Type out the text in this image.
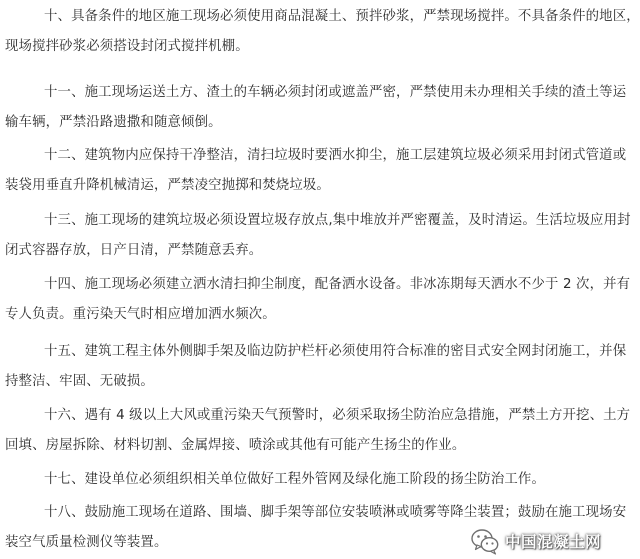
十、具备条件的地区施工现场必须使用商品混凝土、预拌砂浆，严禁现场搅拌。不具备条件的地区，
现场搅拌砂浆必须搭设封闭式搅拌机棚。
十一、施工现场运送土方、渣土的车辆必须封闭或遮盖严密，严禁使用未办理相关手续的渣土等运
输车辆，严禁沿路遗撒和随意倾倒。
十二、建筑物内应保持干净整洁，清扫垃圾时要洒水抑尘，施工层建筑垃圾必须采用封闭式管道或
装袋用垂直升降机械清运，严禁凌空抛掷和焚烧垃圾。
十三、施工现场的建筑垃圾必须设置垃圾存放点,集中堆放并严密覆盖，及时清运。生活垃圾应用封
闭式容器存放，日产日清，严禁随意丢弃。
十四、施工现场必须建立洒水清扫抑尘制度，配备洒水设备。非冰冻期每天洒水不少于 2 次，并有
专人负责。重污染天气时相应增加洒水频次。
十五、建筑工程主体外侧脚手架及临边防护栏杆必须使用符合标准的密目式安全网封闭施工，并保
持整洁、牢固、无破损。
十六、遇有 4 级以上大风或重污染天气预警时，必须采取扬尘防治应急措施，严禁土方开挖、土方
回填、房屋拆除、材料切割、金属焊接、喷涂或其他有可能产生扬尘的作业。
十七、建设单位必须组织相关单位做好工程外管网及绿化施工阶段的扬尘防治工作。
十八、鼓励施工现场在道路、围墙、脚手架等部位安装喷淋或喷雾等降尘装置；鼓励在施工现场安
装空气质量检测仪等装置。	中国混凝土网
